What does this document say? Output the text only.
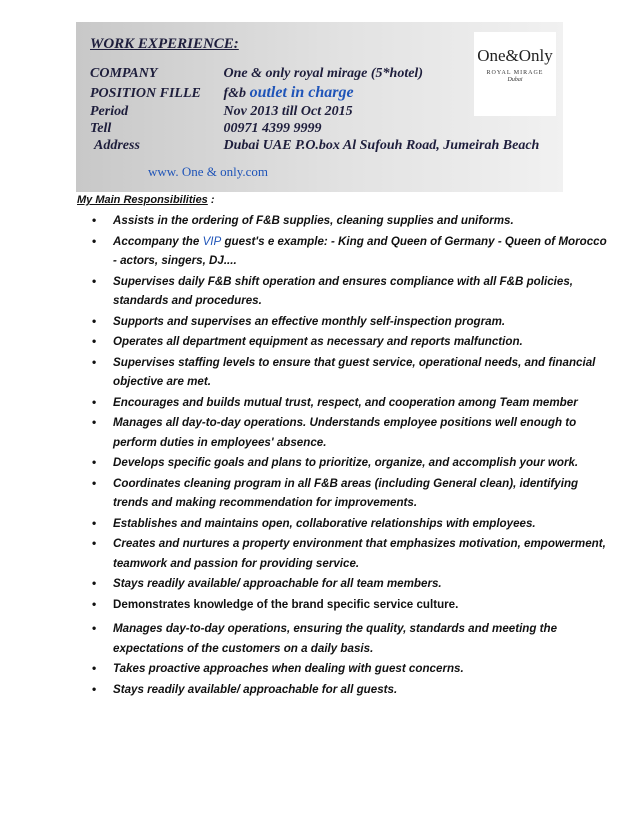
WORK EXPERIENCE:
COMPANY	One & only royal mirage (5*hotel)
POSITION FILLE f&b outlet in charge
Period	Nov 2013 till Oct 2015
Tell	00971 4399 9999
Address	Dubai UAE P.O.box Al Sufouh Road, Jumeirah Beach
www. One & only.com
One&Only
ROYAL MIRAGE
Dubai
My Main Responsibilities :
• Assists in the ordering of F&B supplies, cleaning supplies and uniforms.
• Accompany the VIP guest's e example: - King and Queen of Germany - Queen of Morocco - actors, singers, DJ....
• Supervises daily F&B shift operation and ensures compliance with all F&B policies, standards and procedures.
• Supports and supervises an effective monthly self-inspection program.
• Operates all department equipment as necessary and reports malfunction.
• Supervises staffing levels to ensure that guest service, operational needs, and financial objective are met.
• Encourages and builds mutual trust, respect, and cooperation among Team member
• Manages all day-to-day operations. Understands employee positions well enough to perform duties in employees' absence.
• Develops specific goals and plans to prioritize, organize, and accomplish your work.
• Coordinates cleaning program in all F&B areas (including General clean), identifying trends and making recommendation for improvements.
• Establishes and maintains open, collaborative relationships with employees.
• Creates and nurtures a property environment that emphasizes motivation, empowerment, teamwork and passion for providing service.
• Stays readily available/ approachable for all team members.
• Demonstrates knowledge of the brand specific service culture.
• Manages day-to-day operations, ensuring the quality, standards and meeting the expectations of the customers on a daily basis.
• Takes proactive approaches when dealing with guest concerns.
• Stays readily available/ approachable for all guests.
